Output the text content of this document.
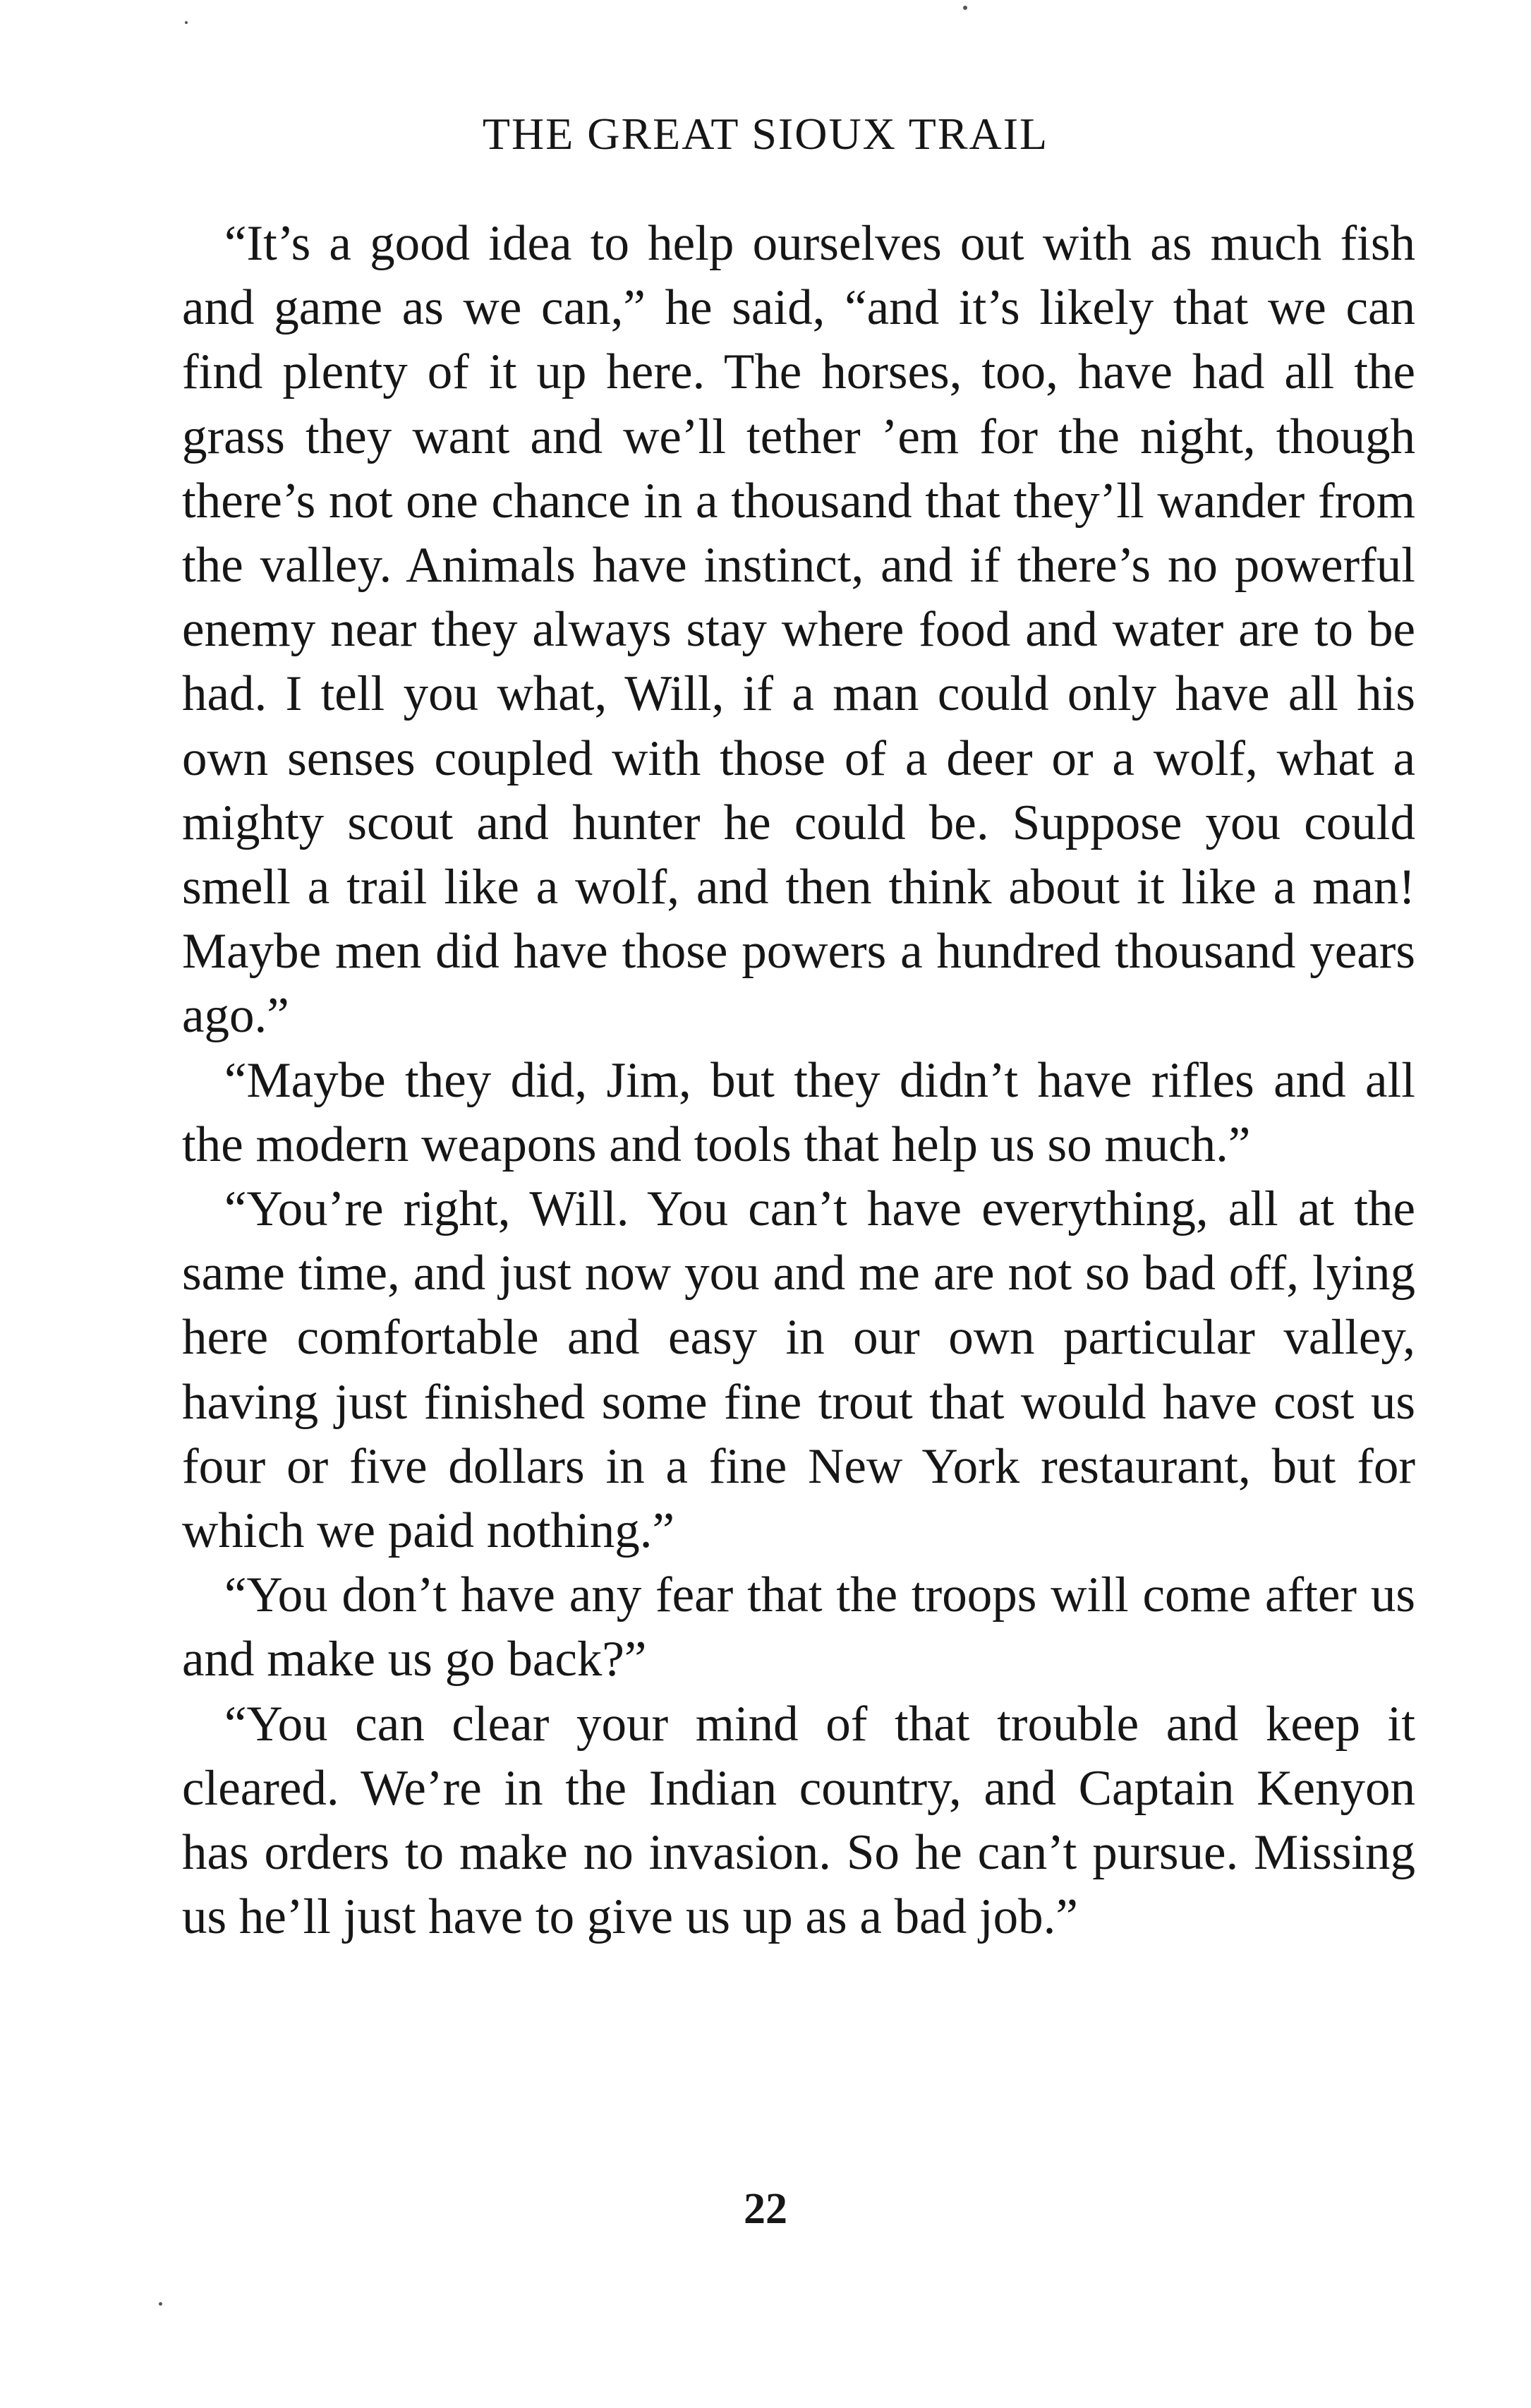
THE GREAT SIOUX TRAIL

“It’s a good idea to help ourselves out with as much fish and game as we can,” he said, “and it’s likely that we can find plenty of it up here. The horses, too, have had all the grass they want and we’ll tether ’em for the night, though there’s not one chance in a thousand that they’ll wander from the valley. Animals have instinct, and if there’s no powerful enemy near they always stay where food and water are to be had. I tell you what, Will, if a man could only have all his own senses coupled with those of a deer or a wolf, what a mighty scout and hunter he could be. Suppose you could smell a trail like a wolf, and then think about it like a man! Maybe men did have those powers a hundred thousand years ago.”

“Maybe they did, Jim, but they didn’t have rifles and all the modern weapons and tools that help us so much.”

“You’re right, Will. You can’t have everything, all at the same time, and just now you and me are not so bad off, lying here comfortable and easy in our own particular valley, having just finished some fine trout that would have cost us four or five dollars in a fine New York restaurant, but for which we paid nothing.”

“You don’t have any fear that the troops will come after us and make us go back?”

“You can clear your mind of that trouble and keep it cleared. We’re in the Indian country, and Captain Kenyon has orders to make no invasion. So he can’t pursue. Missing us he’ll just have to give us up as a bad job.”

22
